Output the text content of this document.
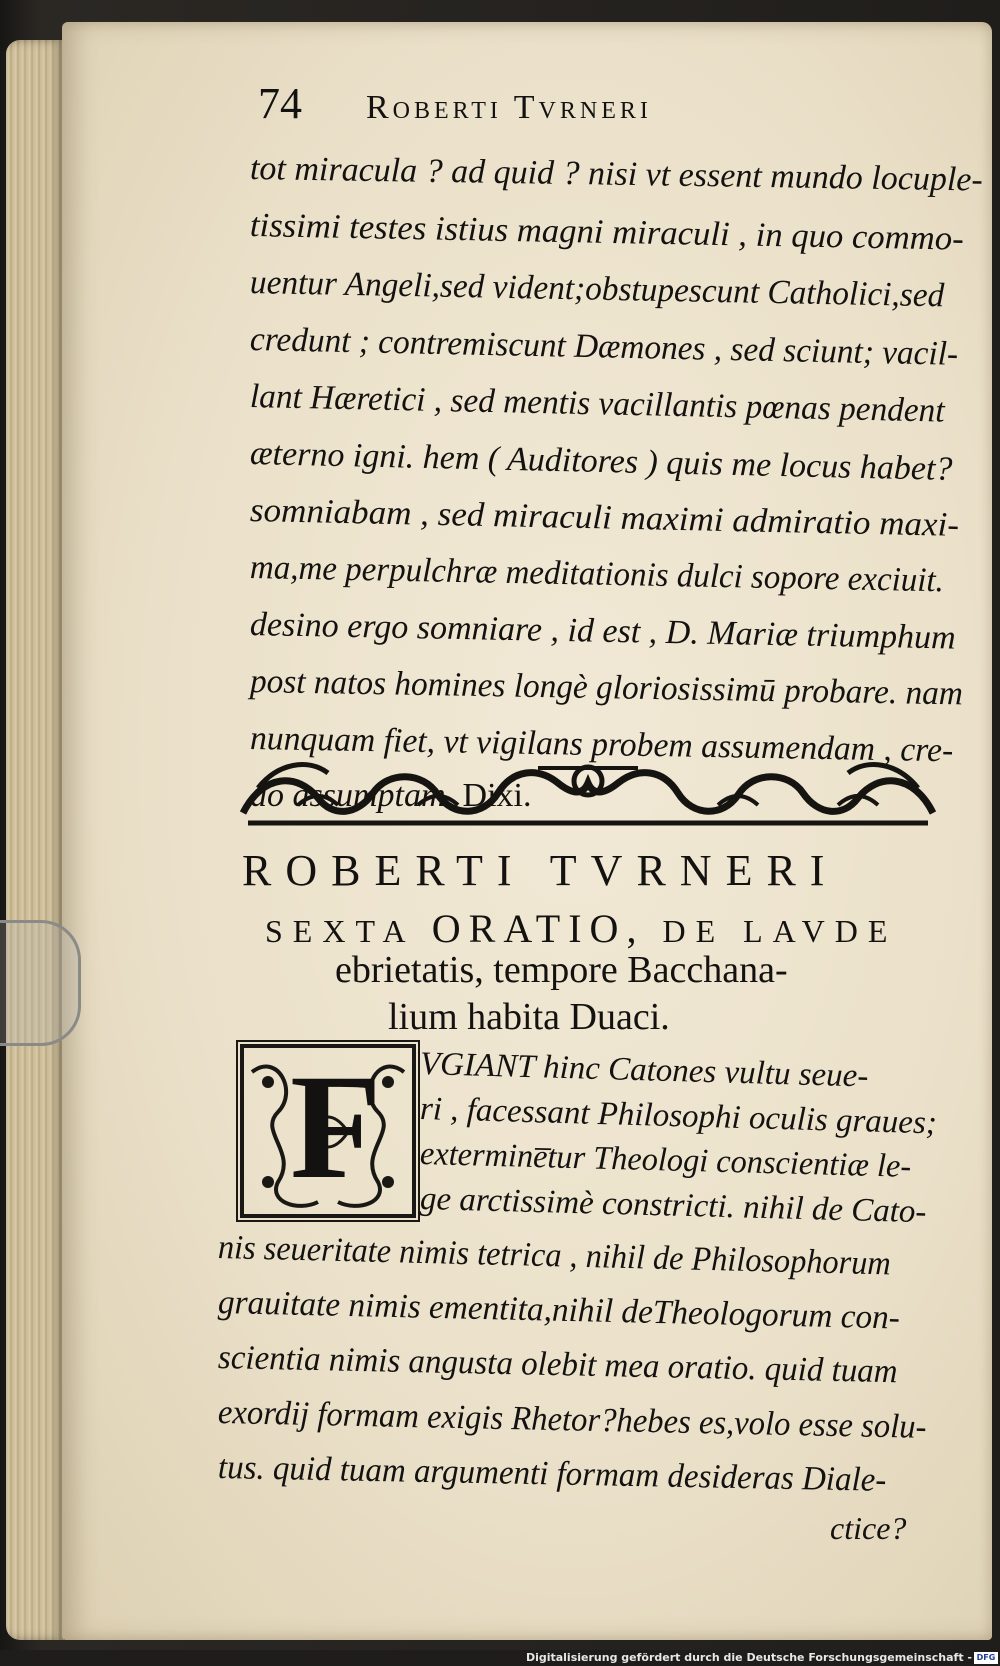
74 Roberti Tvrneri
tot miracula ? ad quid ? nisi vt essent mundo locuple-
tissimi testes istius magni miraculi , in quo commo-
uentur Angeli,sed vident;obstupescunt Catholici,sed
credunt ; contremiscunt Dæmones , sed sciunt; vacil-
lant Hæretici , sed mentis vacillantis pœnas pendent
æterno igni. hem ( Auditores ) quis me locus habet?
somniabam , sed miraculi maximi admiratio maxi-
ma,me perpulchræ meditationis dulci sopore exciuit.
desino ergo somniare , id est , D. Mariæ triumphum
post natos homines longè gloriosissimū probare. nam
nunquam fiet, vt vigilans probem assumendam , cre-
do assumptam. Dixi.
ROBERTI TVRNERI
SEXTA ORATIO, DE LAVDE
ebrietatis, tempore Bacchana-
lium habita Duaci.
F VGIANT hinc Catones vultu seue-
ri , facessant Philosophi oculis graues;
extermine̅tur Theologi conscientiæ le-
ge arctissimè constricti. nihil de Cato-
nis seueritate nimis tetrica , nihil de Philosophorum
grauitate nimis ementita,nihil deTheologorum con-
scientia nimis angusta olebit mea oratio. quid tuam
exordij formam exigis Rhetor?hebes es,volo esse solu-
tus. quid tuam argumenti formam desideras Diale-
ctice?
Digitalisierung gefördert durch die Deutsche Forschungsgemeinschaft - DFG
